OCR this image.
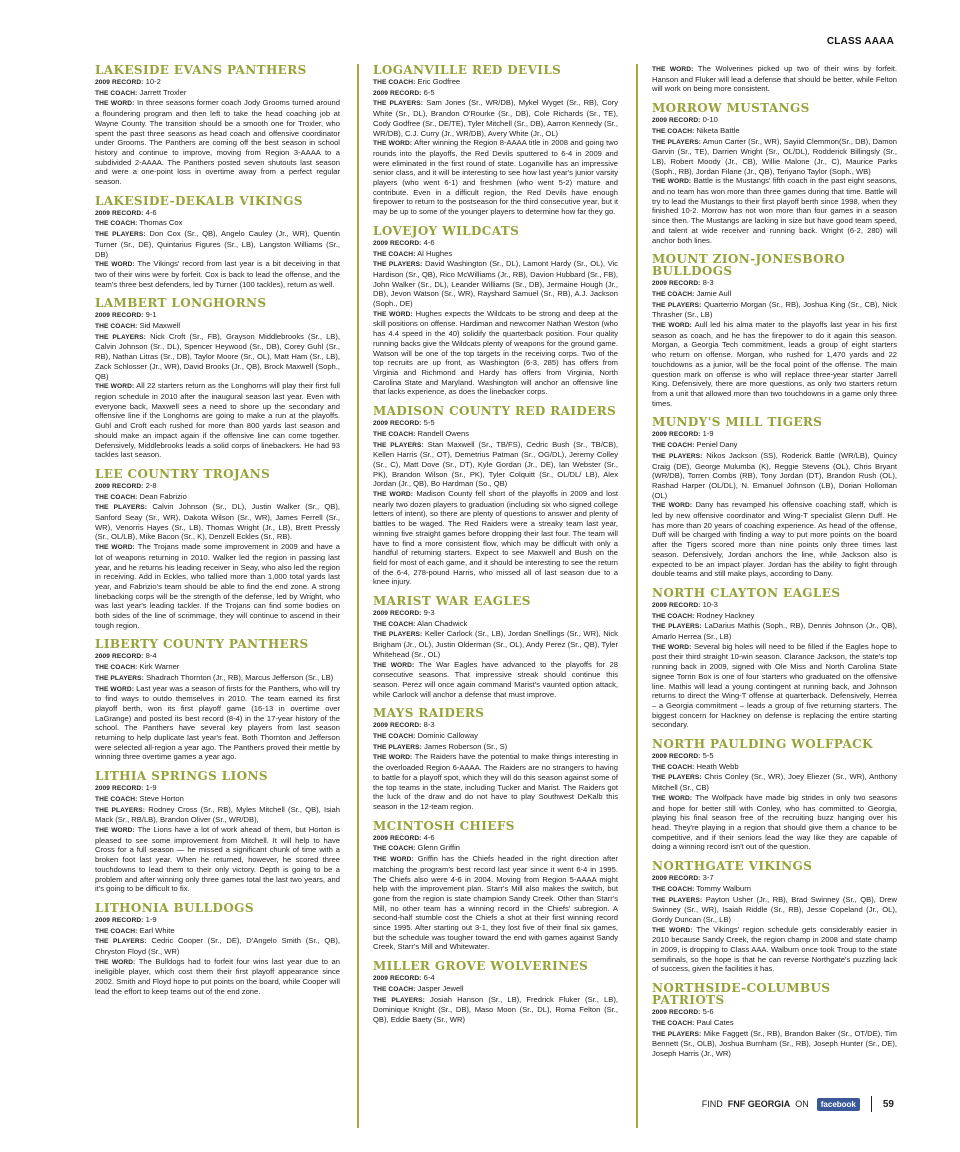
CLASS AAAA
LAKESIDE EVANS PANTHERS

2009 RECORD: 10-2

THE COACH: Jarrett Troxler

THE WORD: In three seasons former coach Jody Grooms turned around a floundering program and then left to take the head coaching job at Wayne County. The transition should be a smooth one for Troxler, who spent the past three seasons as head coach and offensive coordinator under Grooms. The Panthers are coming off the best season in school history and continue to improve, moving from Region 3-AAAA to a subdivided 2-AAAA. The Panthers posted seven shutouts last season and were a one-point loss in overtime away from a perfect regular season.

LAKESIDE-DEKALB VIKINGS

2009 RECORD: 4-6

THE COACH: Thomas Cox

THE PLAYERS: Don Cox (Sr., QB), Angelo Cauley (Jr., WR), Quentin Turner (Sr., DE), Quintarius Figures (Sr., LB), Langston Williams (Sr., DB)

THE WORD: The Vikings' record from last year is a bit deceiving in that two of their wins were by forfeit. Cox is back to lead the offense, and the team's three best defenders, led by Turner (100 tackles), return as well.

LAMBERT LONGHORNS

2009 RECORD: 9-1

THE COACH: Sid Maxwell

THE PLAYERS: Nick Croft (Sr., FB), Grayson Middlebrooks (Sr., LB), Calvin Johnson (Sr., DL), Spencer Heywood (Sr., DB), Corey Guhl (Sr., RB), Nathan Litras (Sr., DB), Taylor Moore (Sr., OL), Matt Ham (Sr., LB), Zack Schlosser (Jr., WR), David Brooks (Jr., QB), Brock Maxwell (Soph., QB)

THE WORD: All 22 starters return as the Longhorns will play their first full region schedule in 2010 after the inaugural season last year. Even with everyone back, Maxwell sees a need to shore up the secondary and offensive line if the Longhorns are going to make a run at the playoffs. Guhl and Croft each rushed for more than 800 yards last season and should make an impact again if the offensive line can come together. Defensively, Middlebrooks leads a solid corps of linebackers. He had 93 tackles last season.

LEE COUNTRY TROJANS

2009 RECORD: 2-8

THE COACH: Dean Fabrizio

THE PLAYERS: Calvin Johnson (Sr., DL), Justin Walker (Sr., QB), Sanford Seay (Sr., WR), Dakota Wilson (Sr., WR), James Ferrell (Sr., WR), Venorris Hayes (Sr., LB), Thomas Wright (Jr., LB), Brett Pressly (Sr., OL/LB), Mike Bacon (Sr., K), Denzell Eckles (Sr., RB).

THE WORD: The Trojans made some improvement in 2009 and have a lot of weapons returning in 2010. Walker led the region in passing last year, and he returns his leading receiver in Seay, who also led the region in receiving. Add in Eckles, who tallied more than 1,000 total yards last year, and Fabrizio's team should be able to find the end zone. A strong linebacking corps will be the strength of the defense, led by Wright, who was last year's leading tackler. If the Trojans can find some bodies on both sides of the line of scrimmage, they will continue to ascend in their tough region.

LIBERTY COUNTY PANTHERS

2009 RECORD: 8-4

THE COACH: Kirk Warner

THE PLAYERS: Shadrach Thornton (Jr., RB), Marcus Jefferson (Sr., LB)

THE WORD: Last year was a season of firsts for the Panthers, who will try to find ways to outdo themselves in 2010. The team earned its first playoff berth, won its first playoff game (16-13 in overtime over LaGrange) and posted its best record (8-4) in the 17-year history of the school. The Panthers have several key players from last season returning to help duplicate last year's feat. Both Thornton and Jefferson were selected all-region a year ago. The Panthers proved their mettle by winning three overtime games a year ago.

LITHIA SPRINGS LIONS

2009 RECORD: 1-9

THE COACH: Steve Horton

THE PLAYERS: Rodney Cross (Sr., RB), Myles Mitchell (Sr., QB), Isiah Mack (Sr., RB/LB), Brandon Oliver (Sr., WR/DB),

THE WORD: The Lions have a lot of work ahead of them, but Horton is pleased to see some improvement from Mitchell. It will help to have Cross for a full season — he missed a significant chunk of time with a broken foot last year. When he returned, however, he scored three touchdowns to lead them to their only victory. Depth is going to be a problem and after winning only three games total the last two years, and it's going to be difficult to fix.

LITHONIA BULLDOGS

2009 RECORD: 1-9

THE COACH: Earl White

THE PLAYERS: Cedric Cooper (Sr., DE), D'Angelo Smith (Sr., QB), Chryston Floyd (Sr., WR)

THE WORD: The Bulldogs had to forfeit four wins last year due to an ineligible player, which cost them their first playoff appearance since 2002. Smith and Floyd hope to put points on the board, while Cooper will lead the effort to keep teams out of the end zone.

LOGANVILLE RED DEVILS

THE COACH: Eric Godfree

2009 RECORD: 6-5

THE PLAYERS: Sam Jones (Sr., WR/DB), Mykel Wyget (Sr., RB), Cory White (Sr., DL), Brandon O'Rourke (Sr., DB), Cole Richards (Sr., TE), Cody Godfree (Sr., DE/TE), Tyler Mitchell (Sr., DB), Aarron Kennedy (Sr., WR/DB), C.J. Curry (Jr., WR/DB), Avery White (Jr., OL)

THE WORD: After winning the Region 8-AAAA title in 2008 and going two rounds into the playoffs, the Red Devils sputtered to 6-4 in 2009 and were eliminated in the first round of state. Loganville has an impressive senior class, and it will be interesting to see how last year's junior varsity players (who went 6-1) and freshmen (who went 5-2) mature and contribute. Even in a difficult region, the Red Devils have enough firepower to return to the postseason for the third consecutive year, but it may be up to some of the younger players to determine how far they go.

LOVEJOY WILDCATS

2009 RECORD: 4-6

THE COACH: Al Hughes

THE PLAYERS: David Washington (Sr., DL), Lamont Hardy (Sr., OL), Vic Hardison (Sr., QB), Rico McWilliams (Jr., RB), Davion Hubbard (Sr., FB), John Walker (Sr., DL), Leander Williams (Sr., DB), Jermaine Hough (Jr., DB), Jevon Watson (Sr., WR), Rayshard Samuel (Sr., RB), A.J. Jackson (Soph., DE)

THE WORD: Hughes expects the Wildcats to be strong and deep at the skill positions on offense. Hardiman and newcomer Nathan Weston (who has 4.4 speed in the 40) solidify the quarterback position. Four quality running backs give the Wildcats plenty of weapons for the ground game. Watson will be one of the top targets in the receiving corps. Two of the top recruits are up front, as Washington (6-3, 285) has offers from Virginia and Richmond and Hardy has offers from Virginia, North Carolina State and Maryland. Washington will anchor an offensive line that lacks experience, as does the linebacker corps.

MADISON COUNTY RED RAIDERS

2009 RECORD: 5-5

THE COACH: Randell Owens

THE PLAYERS: Stan Maxwell (Sr., TB/FS), Cedric Bush (Sr., TB/CB), Kellen Harris (Sr., OT), Demetrius Patman (Sr., OG/DL), Jeremy Colley (Sr., C), Matt Dove (Sr., DT), Kyle Gordan (Jr., DE), Ian Webster (Sr., PK), Brandon Wilson (Sr., PK), Tyler Colquitt (Sr., OL/DL/ LB), Alex Jordan (Jr., QB), Bo Hardman (So., QB)

THE WORD: Madison County fell short of the playoffs in 2009 and lost nearly two dozen players to graduation (including six who signed college letters of intent), so there are plenty of questions to answer and plenty of battles to be waged. The Red Raiders were a streaky team last year, winning five straight games before dropping their last four. The team will have to find a more consistent flow, which may be difficult with only a handful of returning starters. Expect to see Maxwell and Bush on the field for most of each game, and it should be interesting to see the return of the 6-4, 278-pound Harris, who missed all of last season due to a knee injury.

MARIST WAR EAGLES

2009 RECORD: 9-3

THE COACH: Alan Chadwick

THE PLAYERS: Keller Carlock (Sr., LB), Jordan Snellings (Sr., WR), Nick Brigham (Jr., OL), Justin Olderman (Sr., OL), Andy Perez (Sr., QB), Tyler Whitehead (Sr., OL)

THE WORD: The War Eagles have advanced to the playoffs for 28 consecutive seasons. That impressive streak should continue this season. Perez will once again command Marist's vaunted option attack, while Carlock will anchor a defense that must improve.

MAYS RAIDERS

2009 RECORD: 8-3

THE COACH: Dominic Calloway

THE PLAYERS: James Roberson (Sr., S)

THE WORD: The Raiders have the potential to make things interesting in the overloaded Region 6-AAAA. The Raiders are no strangers to having to battle for a playoff spot, which they will do this season against some of the top teams in the state, including Tucker and Marist. The Raiders got the luck of the draw and do not have to play Southwest DeKalb this season in the 12-team region.

MCINTOSH CHIEFS

2009 RECORD: 4-6

THE COACH: Glenn Griffin

THE WORD: Griffin has the Chiefs headed in the right direction after matching the program's best record last year since it went 6-4 in 1995. The Chiefs also were 4-6 in 2004. Moving from Region 5-AAAA might help with the improvement plan. Starr's Mill also makes the switch, but gone from the region is state champion Sandy Creek. Other than Starr's Mill, no other team has a winning record in the Chiefs' subregion. A second-half stumble cost the Chiefs a shot at their first winning record since 1995. After starting out 3-1, they lost five of their final six games, but the schedule was tougher toward the end with games against Sandy Creek, Starr's Mill and Whitewater.

MILLER GROVE WOLVERINES

2009 RECORD: 6-4

THE COACH: Jasper Jewell

THE PLAYERS: Josiah Hanson (Sr., LB), Fredrick Fluker (Sr., LB), Dominique Knight (Sr., DB), Maso Moon (Sr., DL), Roma Felton (Sr., QB), Eddie Baety (Sr., WR)

THE WORD: The Wolverines picked up two of their wins by forfeit. Hanson and Fluker will lead a defense that should be better, while Felton will work on being more consistent.

MORROW MUSTANGS

2009 RECORD: 0-10

THE COACH: Niketa Battle

THE PLAYERS: Amun Carter (Sr., WR), Sayiid Clemmon(Sr., DB), Damon Garvin (Sr., TE), Darrien Wright (Sr., OL/DL), Rodderick Billingsly (Sr., LB), Robert Moody (Jr., CB), Willie Malone (Jr., C), Maurice Parks (Soph., RB), Jordan Filane (Jr., QB), Teriyano Taylor (Soph., WB)

THE WORD: Battle is the Mustangs' fifth coach in the past eight seasons, and no team has won more than three games during that time. Battle will try to lead the Mustangs to their first playoff berth since 1998, when they finished 10-2. Morrow has not won more than four games in a season since then. The Mustangs are lacking in size but have good team speed, and talent at wide receiver and running back. Wright (6-2, 280) will anchor both lines.

MOUNT ZION-JONESBORO BULLDOGS

2009 RECORD: 8-3

THE COACH: Jamie Aull

THE PLAYERS: Quarterrio Morgan (Sr., RB), Joshua King (Sr., CB), Nick Thrasher (Sr., LB)

THE WORD: Aull led his alma mater to the playoffs last year in his first season as coach, and he has the firepower to do it again this season. Morgan, a Georgia Tech commitment, leads a group of eight starters who return on offense. Morgan, who rushed for 1,470 yards and 22 touchdowns as a junior, will be the focal point of the offense. The main question mark on offense is who will replace three-year starter Jarrell King. Defensively, there are more questions, as only two starters return from a unit that allowed more than two touchdowns in a game only three times.

MUNDY'S MILL TIGERS

2009 RECORD: 1-9

THE COACH: Peniel Dany

THE PLAYERS: Nikos Jackson (SS), Roderick Battle (WR/LB), Quincy Craig (DE), George Mulumba (K), Reggie Stevens (OL), Chris Bryant (WR/DB), Torren Combs (RB), Tony Jordan (DT), Brandon Rush (OL), Rashad Harper (OL/DL), N. Emanuel Johnson (LB), Dorian Holloman (OL)

THE WORD: Dany has revamped his offensive coaching staff, which is led by new offensive coordinator and Wing-T specialist Glenn Duff. He has more than 20 years of coaching experience. As head of the offense, Duff will be charged with finding a way to put more points on the board after the Tigers scored more than nine points only three times last season. Defensively, Jordan anchors the line, while Jackson also is expected to be an impact player. Jordan has the ability to fight through double teams and still make plays, according to Dany.

NORTH CLAYTON EAGLES

2009 RECORD: 10-3

THE COACH: Rodney Hackney

THE PLAYERS: LaDarius Mathis (Soph., RB), Dennis Johnson (Jr., QB), Amarlo Herrea (Sr., LB)

THE WORD: Several big holes will need to be filled if the Eagles hope to post their third straight 10-win season. Clarance Jackson, the state's top running back in 2009, signed with Ole Miss and North Carolina State signee Torrin Box is one of four starters who graduated on the offensive line. Mathis will lead a young contingent at running back, and Johnson returns to direct the Wing-T offense at quarterback. Defensively, Herrea – a Georgia commitment – leads a group of five returning starters. The biggest concern for Hackney on defense is replacing the entire starting secondary.

NORTH PAULDING WOLFPACK

2009 RECORD: 5-5

THE COACH: Heath Webb

THE PLAYERS: Chris Conley (Sr., WR), Joey Eliezer (Sr., WR), Anthony Mitchell (Sr., CB)

THE WORD: The Wolfpack have made big strides in only two seasons and hope for better still with Conley, who has committed to Georgia, playing his final season free of the recruiting buzz hanging over his head. They're playing in a region that should give them a chance to be competitive, and if their seniors lead the way like they are capable of doing a winning record isn't out of the question.

NORTHGATE VIKINGS

2009 RECORD: 3-7

THE COACH: Tommy Walburn

THE PLAYERS: Payton Usher (Jr., RB), Brad Swinney (Sr., QB), Drew Swinney (Sr., WR), Isaiah Riddle (Sr., RB), Jesse Copeland (Jr., OL), Gordy Duncan (Sr., LB)

THE WORD: The Vikings' region schedule gets considerably easier in 2010 because Sandy Creek, the region champ in 2008 and state champ in 2009, is dropping to Class AAA. Walburn once took Troup to the state semifinals, so the hope is that he can reverse Northgate's puzzling lack of success, given the facilities it has.

NORTHSIDE-COLUMBUS PATRIOTS

2009 RECORD: 5-6

THE COACH: Paul Cates

THE PLAYERS: Mike Faggett (Sr., RB), Brandon Baker (Sr., OT/DE), Tim Bennett (Sr., OLB), Joshua Burnham (Sr., RB), Joseph Hunter (Sr., DE), Joseph Harris (Jr., WR)

FIND FNF GEORGIA ON	facebook	59
